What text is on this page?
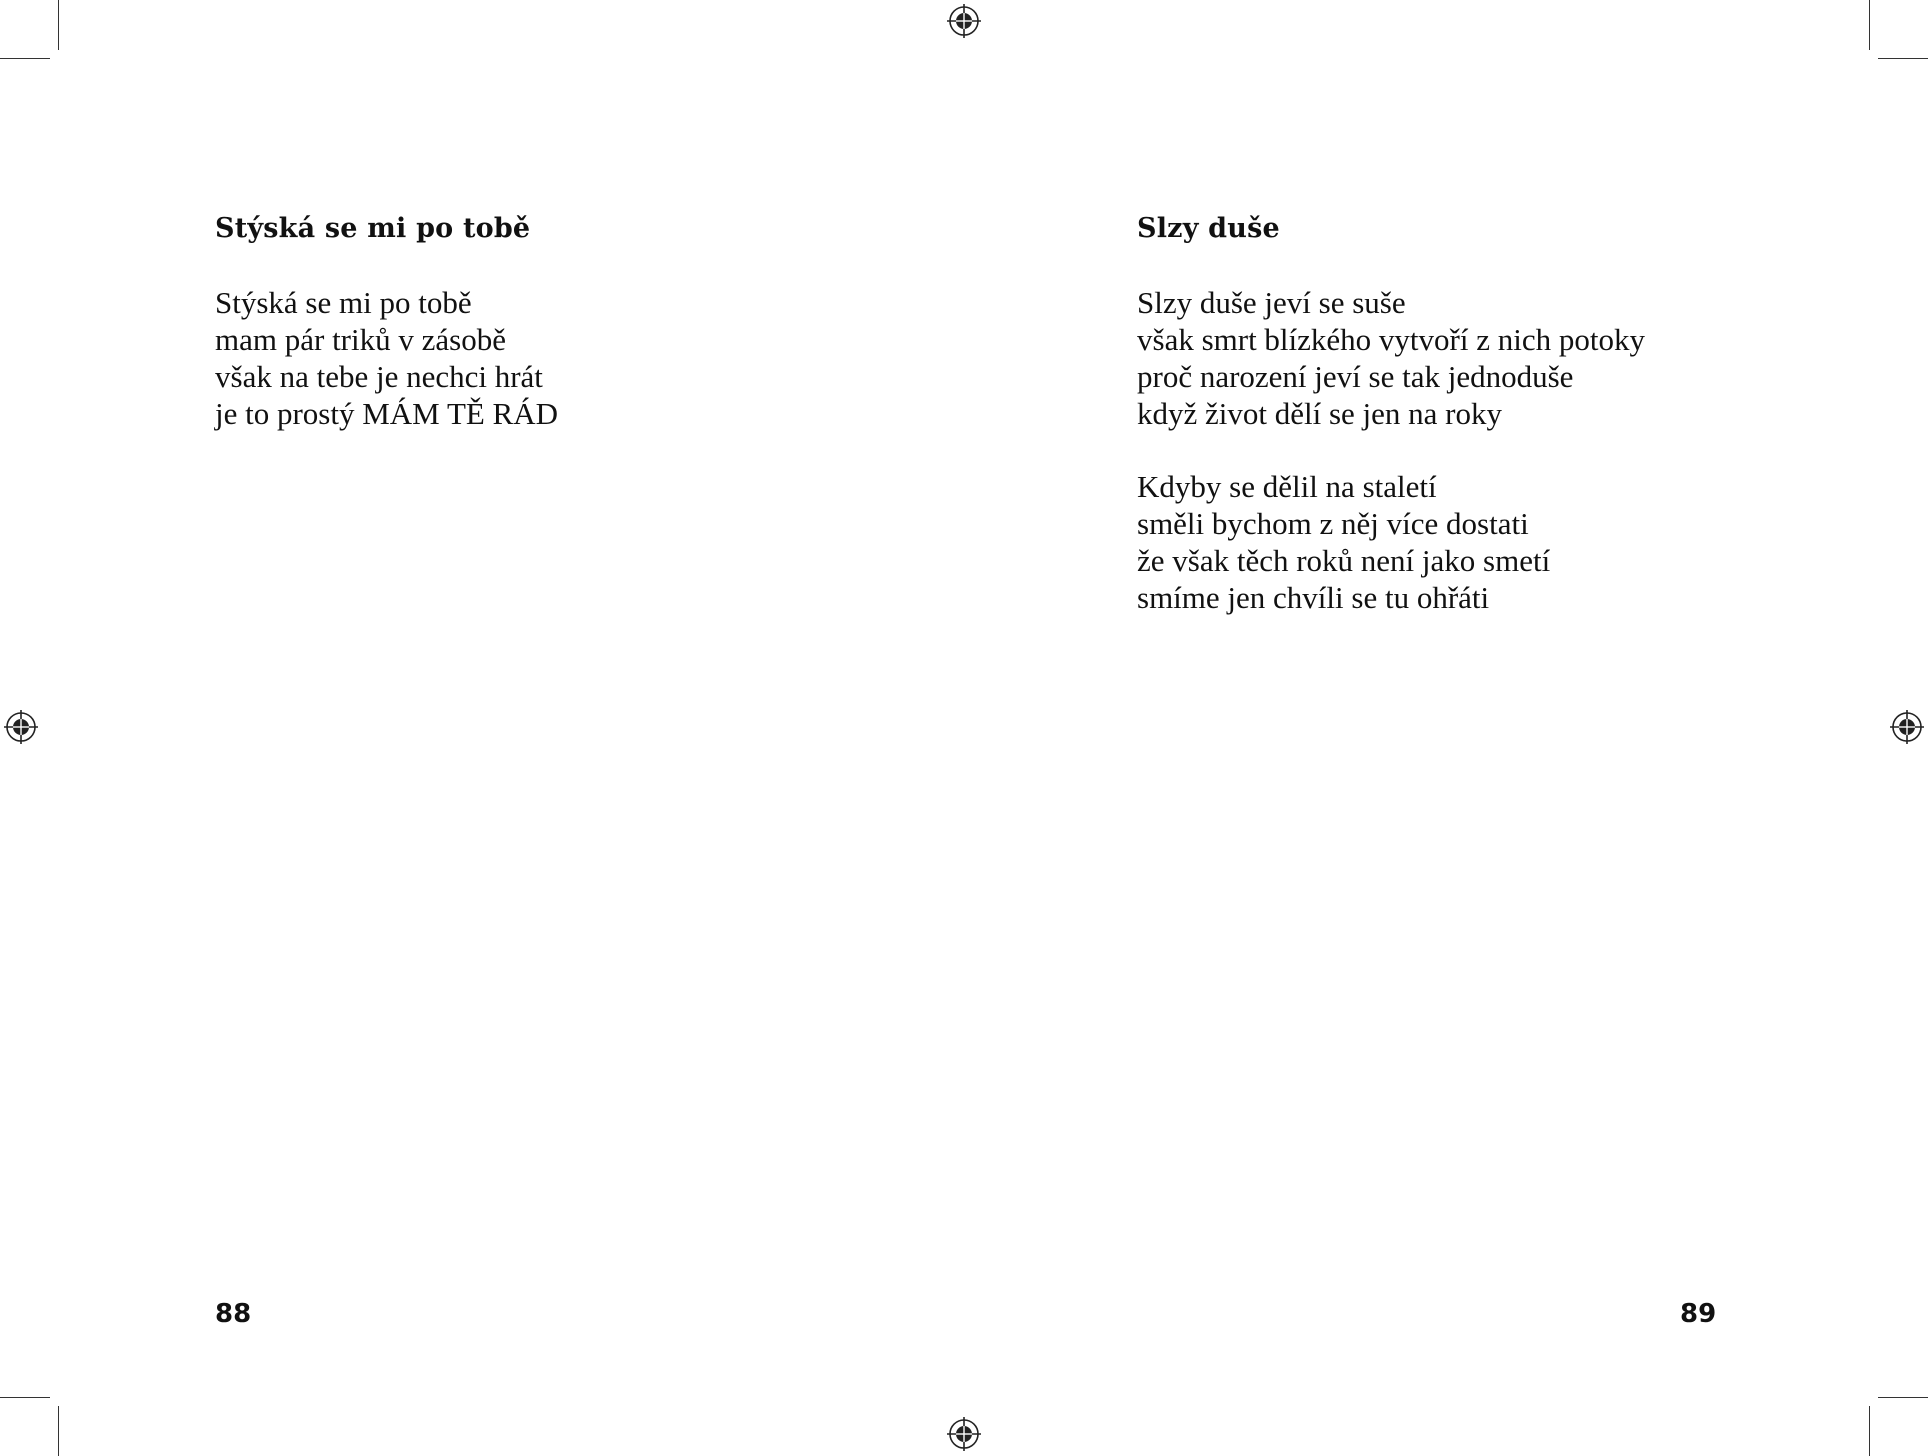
Stýská se mi po tobě
Stýská se mi po tobě
mam pár triků v zásobě
však na tebe je nechci hrát
je to prostý MÁM TĚ RÁD
88
Slzy duše
Slzy duše jeví se suše
však smrt blízkého vytvoří z nich potoky
proč narození jeví se tak jednoduše
když život dělí se jen na roky
Kdyby se dělil na staletí
směli bychom z něj více dostati
že však těch roků není jako smetí
smíme jen chvíli se tu ohřáti
89
